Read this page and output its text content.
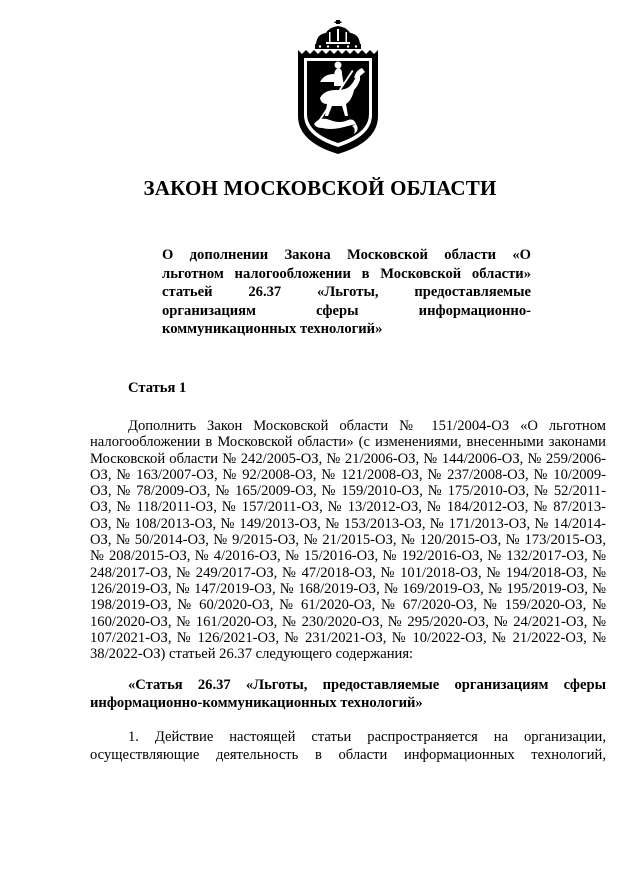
ЗАКОН МОСКОВСКОЙ ОБЛАСТИ
О дополнении Закона Московской области «О льготном налогообложении в Московской области» статьей 26.37 «Льготы, предоставляемые организациям сферы информационно-коммуникационных технологий»
Статья 1

Дополнить Закон Московской области № 151/2004-ОЗ «О льготном налогообложении в Московской области» (с изменениями, внесенными законами Московской области № 242/2005-ОЗ, № 21/2006-ОЗ, № 144/2006-ОЗ, № 259/2006-ОЗ, № 163/2007-ОЗ, № 92/2008-ОЗ, № 121/2008-ОЗ, № 237/2008-ОЗ, № 10/2009-ОЗ, № 78/2009-ОЗ, № 165/2009-ОЗ, № 159/2010-ОЗ, № 175/2010-ОЗ, № 52/2011-ОЗ, № 118/2011-ОЗ, № 157/2011-ОЗ, № 13/2012-ОЗ, № 184/2012-ОЗ, № 87/2013-ОЗ, № 108/2013-ОЗ, № 149/2013-ОЗ, № 153/2013-ОЗ, № 171/2013-ОЗ, № 14/2014-ОЗ, № 50/2014-ОЗ, № 9/2015-ОЗ, № 21/2015-ОЗ, № 120/2015-ОЗ, № 173/2015-ОЗ, № 208/2015-ОЗ, № 4/2016-ОЗ, № 15/2016-ОЗ, № 192/2016-ОЗ, № 132/2017-ОЗ, № 248/2017-ОЗ, № 249/2017-ОЗ, № 47/2018-ОЗ, № 101/2018-ОЗ, № 194/2018-ОЗ, № 126/2019-ОЗ, № 147/2019-ОЗ, № 168/2019-ОЗ, № 169/2019-ОЗ, № 195/2019-ОЗ, № 198/2019-ОЗ, № 60/2020-ОЗ, № 61/2020-ОЗ, № 67/2020-ОЗ, № 159/2020-ОЗ, № 160/2020-ОЗ, № 161/2020-ОЗ, № 230/2020-ОЗ, № 295/2020-ОЗ, № 24/2021-ОЗ, № 107/2021-ОЗ, № 126/2021-ОЗ, № 231/2021-ОЗ, № 10/2022-ОЗ, № 21/2022-ОЗ, № 38/2022-ОЗ) статьей 26.37 следующего содержания:

«Статья 26.37 «Льготы, предоставляемые организациям сферы информационно-коммуникационных технологий»

1. Действие настоящей статьи распространяется на организации, осуществляющие деятельность в области информационных технологий,
